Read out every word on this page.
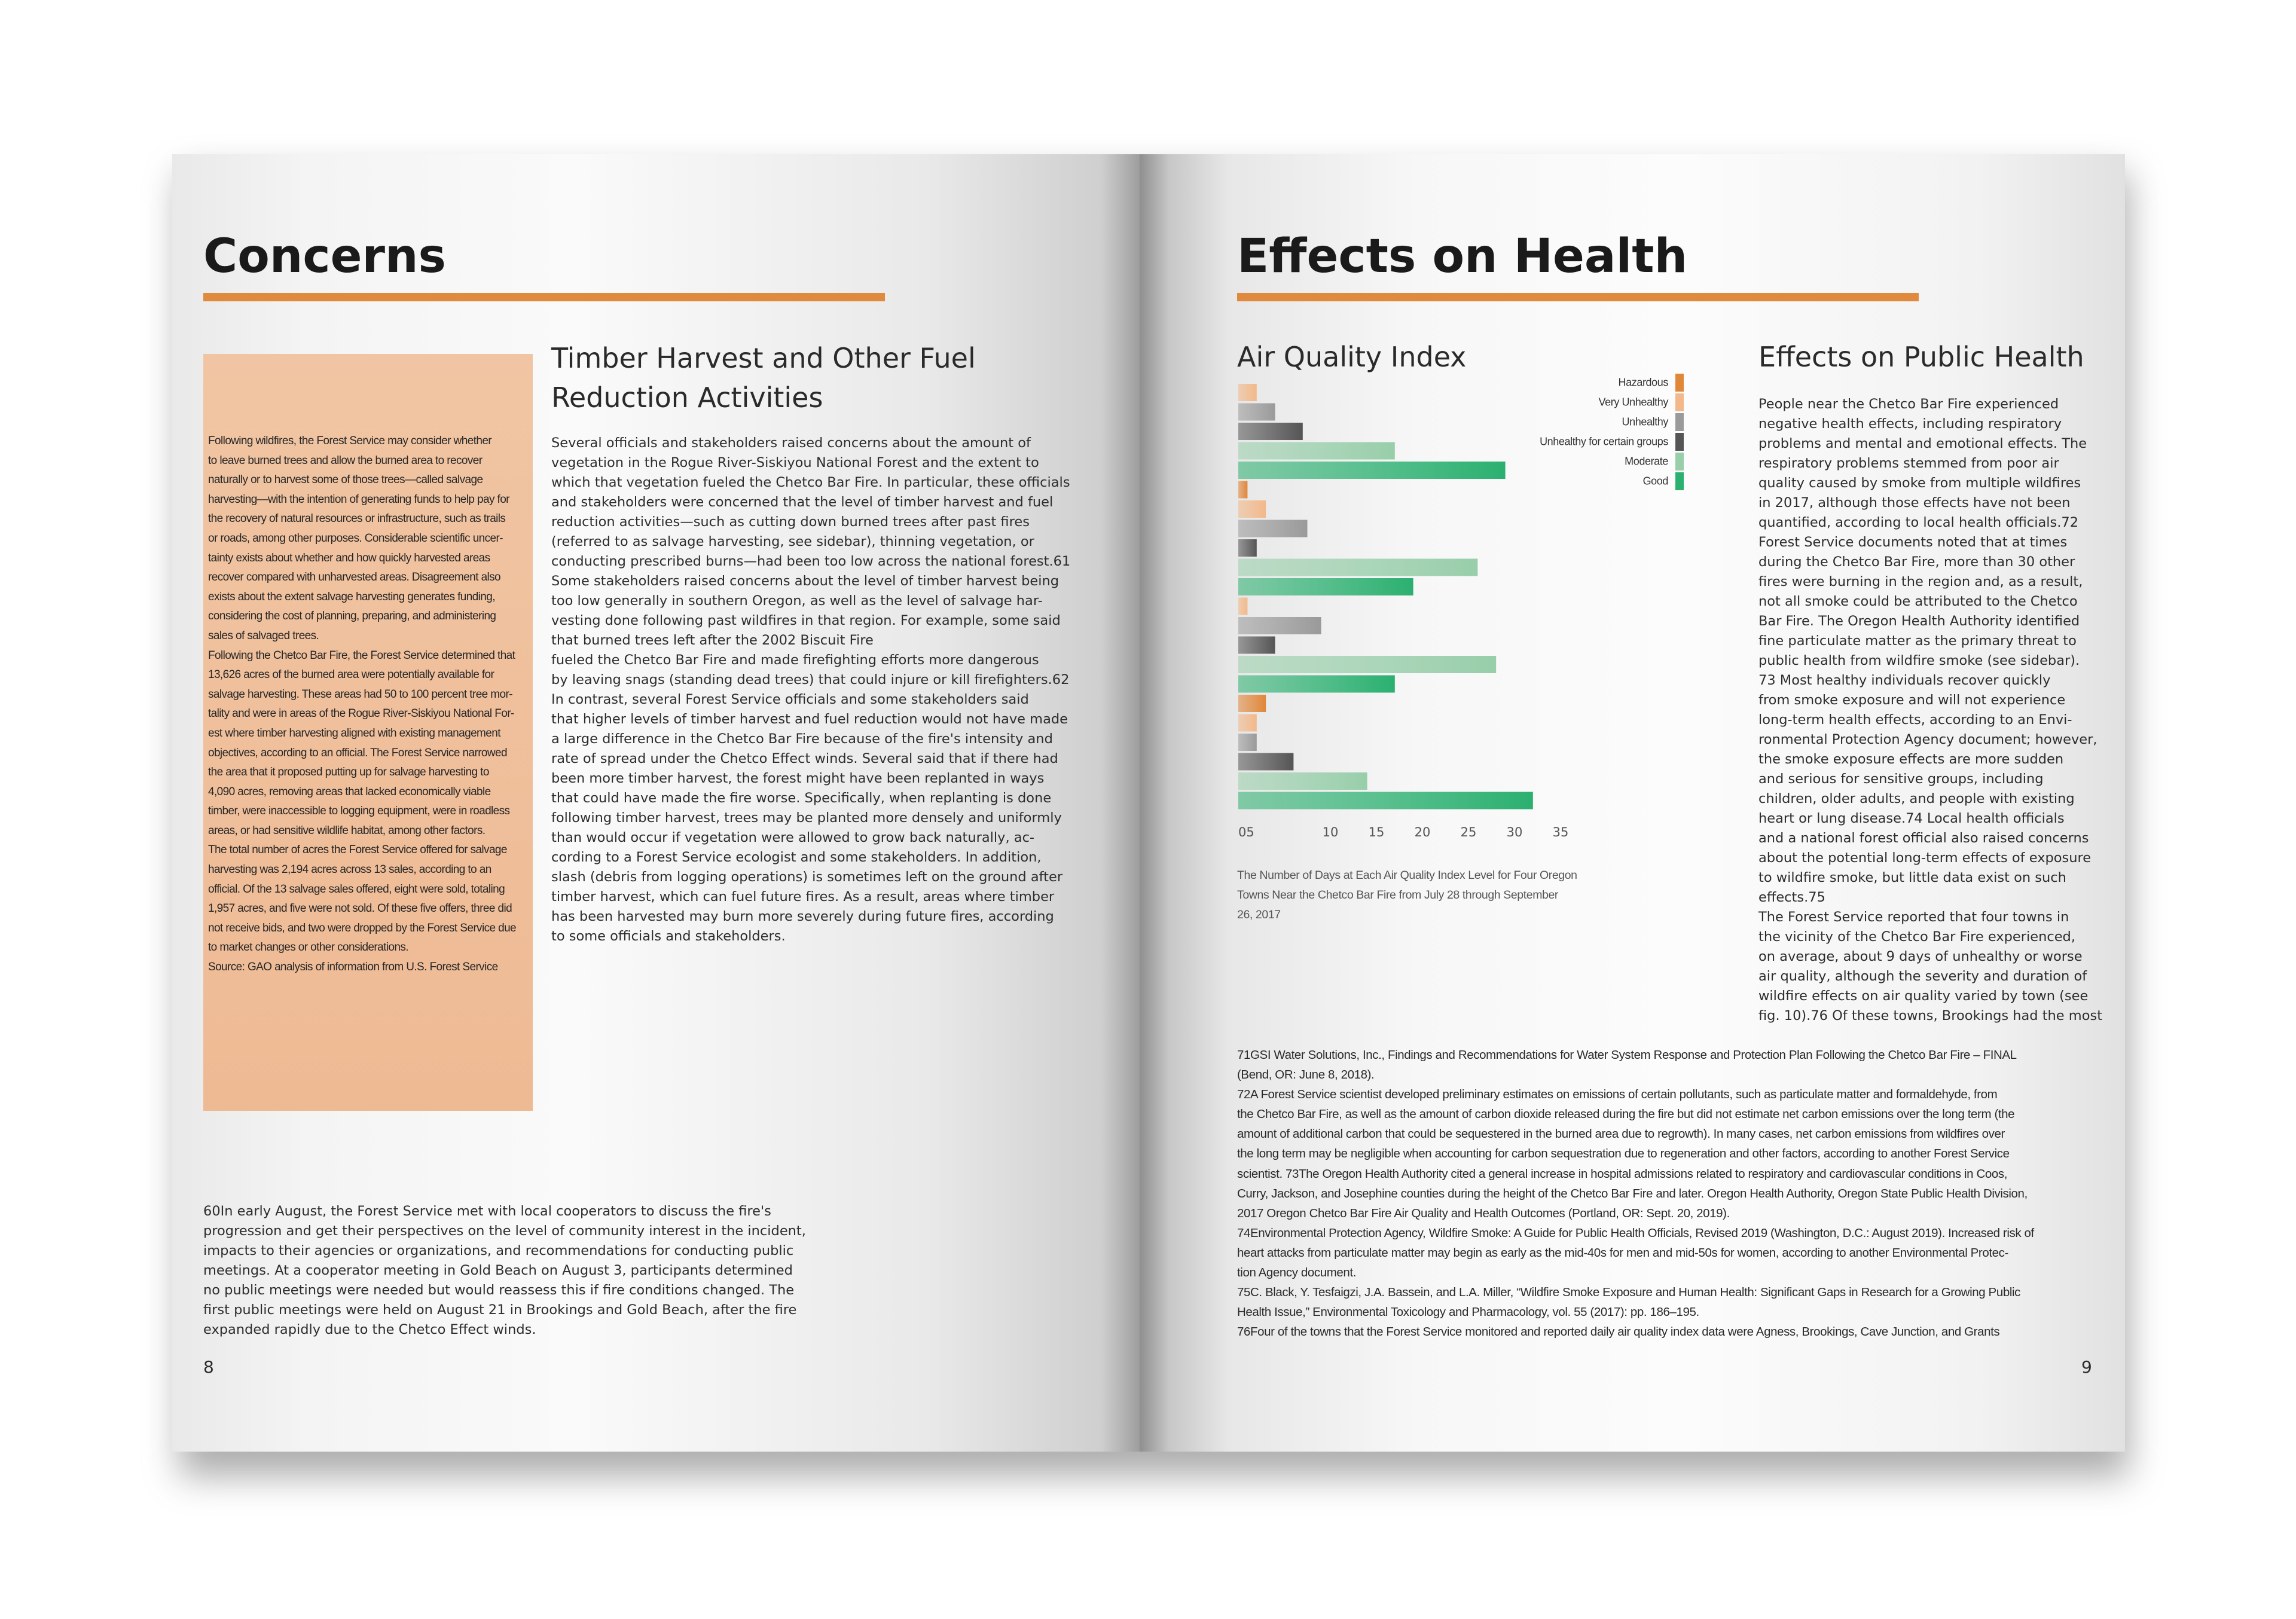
Concerns
Following wildfires, the Forest Service may consider whether
to leave burned trees and allow the burned area to recover
naturally or to harvest some of those trees—called salvage
harvesting—with the intention of generating funds to help pay for
the recovery of natural resources or infrastructure, such as trails
or roads, among other purposes. Considerable scientific uncer-
tainty exists about whether and how quickly harvested areas
recover compared with unharvested areas. Disagreement also
exists about the extent salvage harvesting generates funding,
considering the cost of planning, preparing, and administering
sales of salvaged trees.
Following the Chetco Bar Fire, the Forest Service determined that
13,626 acres of the burned area were potentially available for
salvage harvesting. These areas had 50 to 100 percent tree mor-
tality and were in areas of the Rogue River-Siskiyou National For-
est where timber harvesting aligned with existing management
objectives, according to an official. The Forest Service narrowed
the area that it proposed putting up for salvage harvesting to
4,090 acres, removing areas that lacked economically viable
timber, were inaccessible to logging equipment, were in roadless
areas, or had sensitive wildlife habitat, among other factors.
The total number of acres the Forest Service offered for salvage
harvesting was 2,194 acres across 13 sales, according to an
official. Of the 13 salvage sales offered, eight were sold, totaling
1,957 acres, and five were not sold. Of these five offers, three did
not receive bids, and two were dropped by the Forest Service due
to market changes or other considerations.
Source: GAO analysis of information from U.S. Forest Service
Timber Harvest and Other Fuel
Reduction Activities
Several officials and stakeholders raised concerns about the amount of
vegetation in the Rogue River-Siskiyou National Forest and the extent to
which that vegetation fueled the Chetco Bar Fire. In particular, these officials
and stakeholders were concerned that the level of timber harvest and fuel
reduction activities—such as cutting down burned trees after past fires
(referred to as salvage harvesting, see sidebar), thinning vegetation, or
conducting prescribed burns—had been too low across the national forest.61
Some stakeholders raised concerns about the level of timber harvest being
too low generally in southern Oregon, as well as the level of salvage har-
vesting done following past wildfires in that region. For example, some said
that burned trees left after the 2002 Biscuit Fire
fueled the Chetco Bar Fire and made firefighting efforts more dangerous
by leaving snags (standing dead trees) that could injure or kill firefighters.62
In contrast, several Forest Service officials and some stakeholders said
that higher levels of timber harvest and fuel reduction would not have made
a large difference in the Chetco Bar Fire because of the fire's intensity and
rate of spread under the Chetco Effect winds. Several said that if there had
been more timber harvest, the forest might have been replanted in ways
that could have made the fire worse. Specifically, when replanting is done
following timber harvest, trees may be planted more densely and uniformly
than would occur if vegetation were allowed to grow back naturally, ac-
cording to a Forest Service ecologist and some stakeholders. In addition,
slash (debris from logging operations) is sometimes left on the ground after
timber harvest, which can fuel future fires. As a result, areas where timber
has been harvested may burn more severely during future fires, according
to some officials and stakeholders.
60In early August, the Forest Service met with local cooperators to discuss the fire's
progression and get their perspectives on the level of community interest in the incident,
impacts to their agencies or organizations, and recommendations for conducting public
meetings. At a cooperator meeting in Gold Beach on August 3, participants determined
no public meetings were needed but would reassess this if fire conditions changed. The
first public meetings were held on August 21 in Brookings and Gold Beach, after the fire
expanded rapidly due to the Chetco Effect winds.
8
Effects on Health
Air Quality Index
Hazardous
Very Unhealthy
Unhealthy
Unhealthy for certain groups
Moderate
Good
05	10 15 20 25 30 35
The Number of Days at Each Air Quality Index Level for Four Oregon
Towns Near the Chetco Bar Fire from July 28 through September
26, 2017
Effects on Public Health
People near the Chetco Bar Fire experienced
negative health effects, including respiratory
problems and mental and emotional effects. The
respiratory problems stemmed from poor air
quality caused by smoke from multiple wildfires
in 2017, although those effects have not been
quantified, according to local health officials.72
Forest Service documents noted that at times
during the Chetco Bar Fire, more than 30 other
fires were burning in the region and, as a result,
not all smoke could be attributed to the Chetco
Bar Fire. The Oregon Health Authority identified
fine particulate matter as the primary threat to
public health from wildfire smoke (see sidebar).
73 Most healthy individuals recover quickly
from smoke exposure and will not experience
long-term health effects, according to an Envi-
ronmental Protection Agency document; however,
the smoke exposure effects are more sudden
and serious for sensitive groups, including
children, older adults, and people with existing
heart or lung disease.74 Local health officials
and a national forest official also raised concerns
about the potential long-term effects of exposure
to wildfire smoke, but little data exist on such
effects.75
The Forest Service reported that four towns in
the vicinity of the Chetco Bar Fire experienced,
on average, about 9 days of unhealthy or worse
air quality, although the severity and duration of
wildfire effects on air quality varied by town (see
fig. 10).76 Of these towns, Brookings had the most
71GSI Water Solutions, Inc., Findings and Recommendations for Water System Response and Protection Plan Following the Chetco Bar Fire – FINAL
(Bend, OR: June 8, 2018).
72A Forest Service scientist developed preliminary estimates on emissions of certain pollutants, such as particulate matter and formaldehyde, from
the Chetco Bar Fire, as well as the amount of carbon dioxide released during the fire but did not estimate net carbon emissions over the long term (the
amount of additional carbon that could be sequestered in the burned area due to regrowth). In many cases, net carbon emissions from wildfires over
the long term may be negligible when accounting for carbon sequestration due to regeneration and other factors, according to another Forest Service
scientist. 73The Oregon Health Authority cited a general increase in hospital admissions related to respiratory and cardiovascular conditions in Coos,
Curry, Jackson, and Josephine counties during the height of the Chetco Bar Fire and later. Oregon Health Authority, Oregon State Public Health Division,
2017 Oregon Chetco Bar Fire Air Quality and Health Outcomes (Portland, OR: Sept. 20, 2019).
74Environmental Protection Agency, Wildfire Smoke: A Guide for Public Health Officials, Revised 2019 (Washington, D.C.: August 2019). Increased risk of
heart attacks from particulate matter may begin as early as the mid-40s for men and mid-50s for women, according to another Environmental Protec-
tion Agency document.
75C. Black, Y. Tesfaigzi, J.A. Bassein, and L.A. Miller, “Wildfire Smoke Exposure and Human Health: Significant Gaps in Research for a Growing Public
Health Issue,” Environmental Toxicology and Pharmacology, vol. 55 (2017): pp. 186–195.
76Four of the towns that the Forest Service monitored and reported daily air quality index data were Agness, Brookings, Cave Junction, and Grants
9
